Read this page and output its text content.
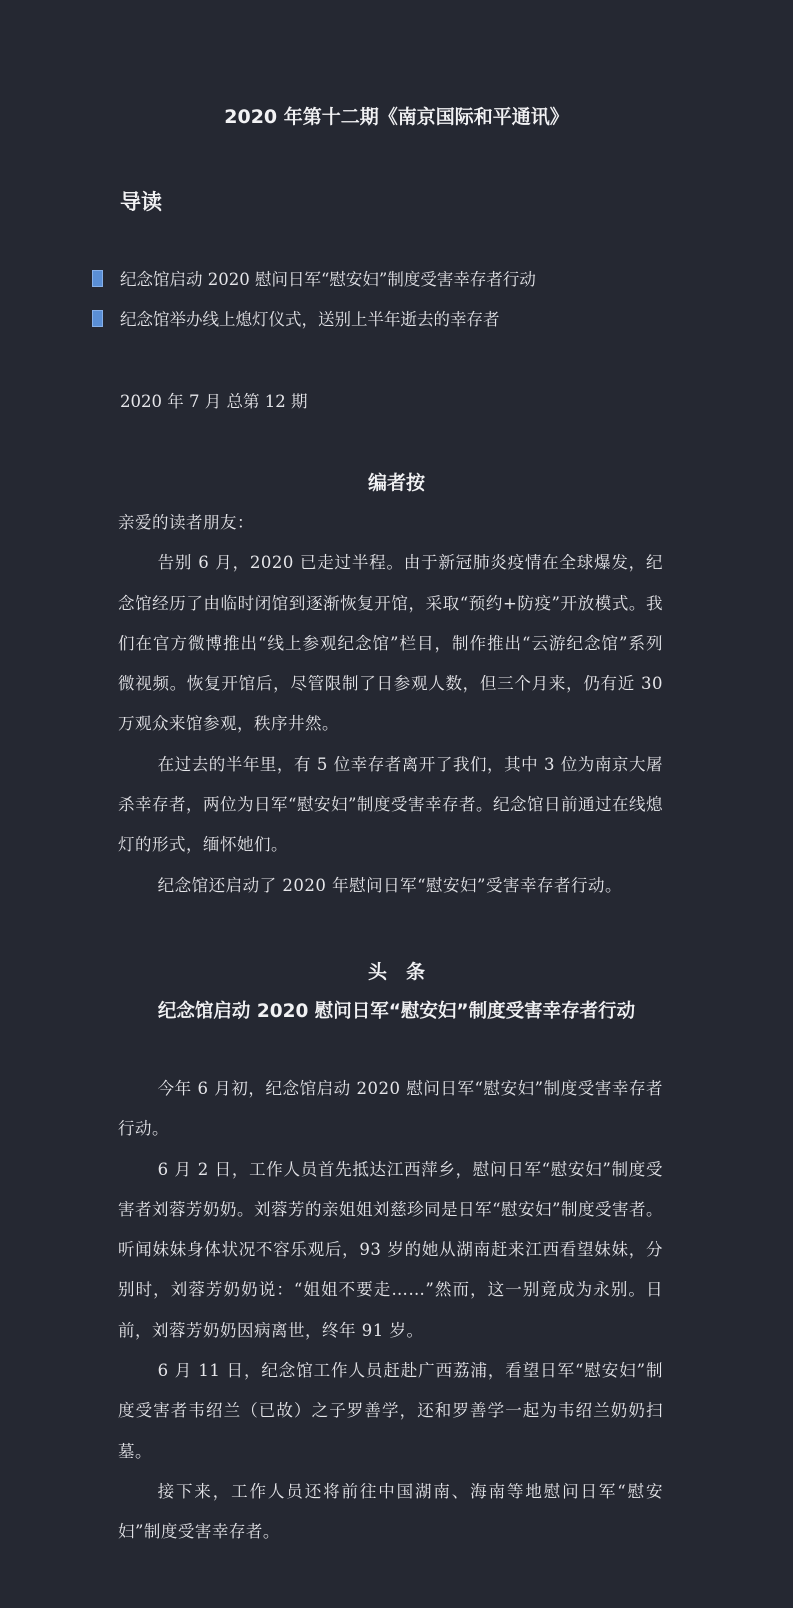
2020 年第十二期《南京国际和平通讯》
导读
纪念馆启动 2020 慰问日军“慰安妇”制度受害幸存者行动
纪念馆举办线上熄灯仪式，送别上半年逝去的幸存者
2020 年 7 月 总第 12 期
编者按

亲爱的读者朋友：

告别 6 月，2020 已走过半程。由于新冠肺炎疫情在全球爆发，纪念馆经历了由临时闭馆到逐渐恢复开馆，采取“预约+防疫”开放模式。我们在官方微博推出“线上参观纪念馆”栏目，制作推出“云游纪念馆”系列微视频。恢复开馆后，尽管限制了日参观人数，但三个月来，仍有近 30 万观众来馆参观，秩序井然。

在过去的半年里，有 5 位幸存者离开了我们，其中 3 位为南京大屠杀幸存者，两位为日军“慰安妇”制度受害幸存者。纪念馆日前通过在线熄灯的形式，缅怀她们。

纪念馆还启动了 2020 年慰问日军“慰安妇”受害幸存者行动。

头　条
纪念馆启动 2020 慰问日军“慰安妇”制度受害幸存者行动

今年 6 月初，纪念馆启动 2020 慰问日军“慰安妇”制度受害幸存者行动。

6 月 2 日，工作人员首先抵达江西萍乡，慰问日军“慰安妇”制度受害者刘蓉芳奶奶。刘蓉芳的亲姐姐刘慈珍同是日军“慰安妇”制度受害者。听闻妹妹身体状况不容乐观后，93 岁的她从湖南赶来江西看望妹妹，分别时，刘蓉芳奶奶说：“姐姐不要走……”然而，这一别竟成为永别。日前，刘蓉芳奶奶因病离世，终年 91 岁。

6 月 11 日，纪念馆工作人员赶赴广西荔浦，看望日军“慰安妇”制度受害者韦绍兰（已故）之子罗善学，还和罗善学一起为韦绍兰奶奶扫墓。

接下来，工作人员还将前往中国湖南、海南等地慰问日军“慰安妇”制度受害幸存者。
